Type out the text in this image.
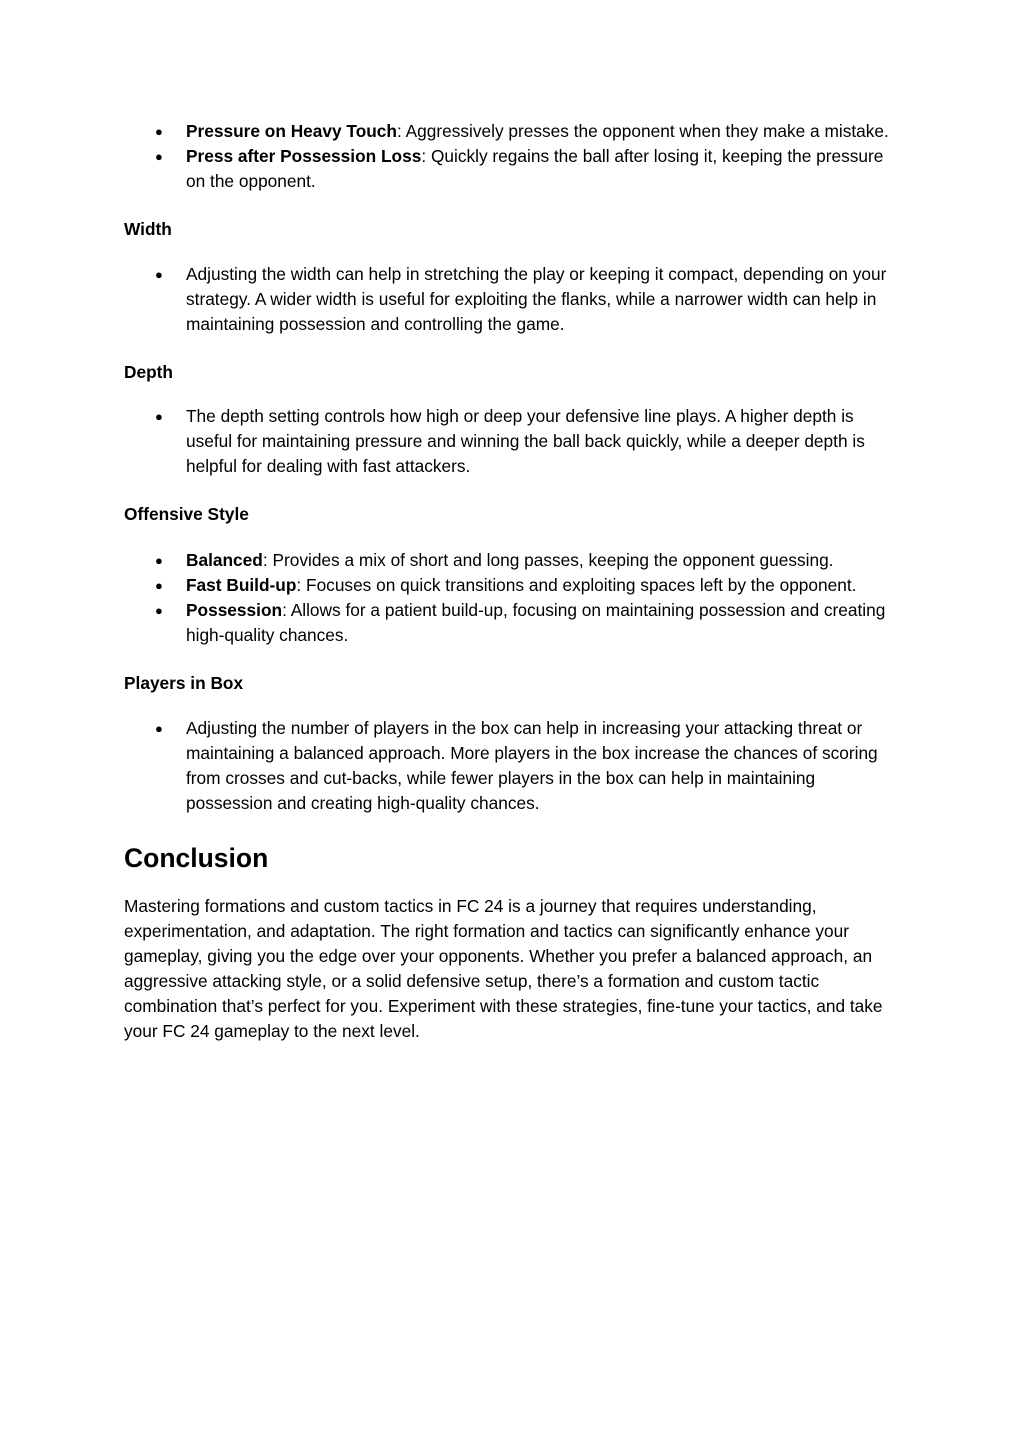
● Pressure on Heavy Touch: Aggressively presses the opponent when they make a mistake.
● Press after Possession Loss: Quickly regains the ball after losing it, keeping the pressure on the opponent.
Width
● Adjusting the width can help in stretching the play or keeping it compact, depending on your strategy. A wider width is useful for exploiting the flanks, while a narrower width can help in maintaining possession and controlling the game.
Depth
● The depth setting controls how high or deep your defensive line plays. A higher depth is useful for maintaining pressure and winning the ball back quickly, while a deeper depth is helpful for dealing with fast attackers.
Offensive Style
● Balanced: Provides a mix of short and long passes, keeping the opponent guessing.
● Fast Build-up: Focuses on quick transitions and exploiting spaces left by the opponent.
● Possession: Allows for a patient build-up, focusing on maintaining possession and creating high-quality chances.
Players in Box
● Adjusting the number of players in the box can help in increasing your attacking threat or maintaining a balanced approach. More players in the box increase the chances of scoring from crosses and cut-backs, while fewer players in the box can help in maintaining possession and creating high-quality chances.
Conclusion

Mastering formations and custom tactics in FC 24 is a journey that requires understanding, experimentation, and adaptation. The right formation and tactics can significantly enhance your gameplay, giving you the edge over your opponents. Whether you prefer a balanced approach, an aggressive attacking style, or a solid defensive setup, there’s a formation and custom tactic combination that’s perfect for you. Experiment with these strategies, fine-tune your tactics, and take your FC 24 gameplay to the next level.
